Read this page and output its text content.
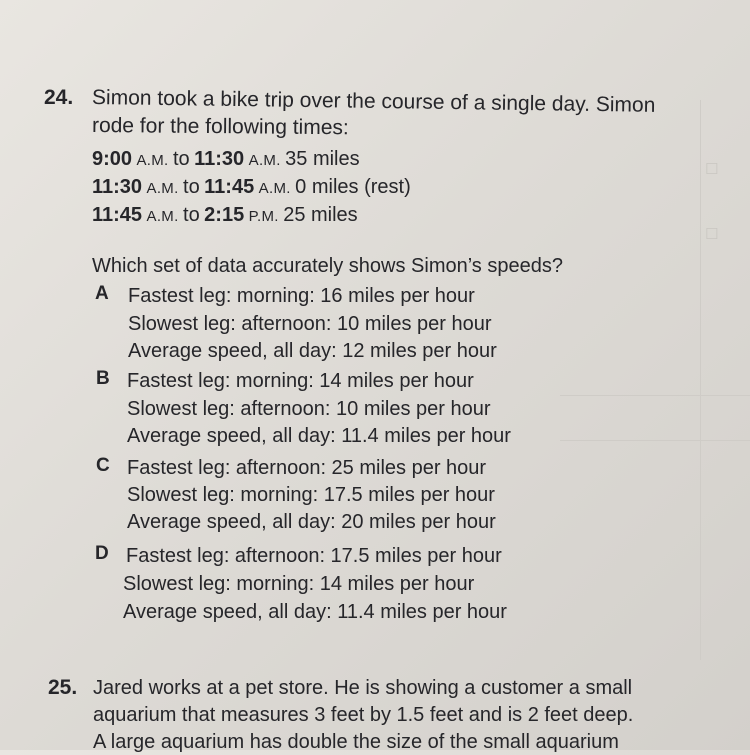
☐
☐
24. Simon took a bike trip over the course of a single day. Simon
rode for the following times:
9:00 A.M. to 11:30 A.M. 35 miles
11:30 A.M. to 11:45 A.M. 0 miles (rest)
11:45 A.M. to 2:15 P.M. 25 miles
Which set of data accurately shows Simon’s speeds?
A Fastest leg: morning: 16 miles per hour
Slowest leg: afternoon: 10 miles per hour
Average speed, all day: 12 miles per hour
B Fastest leg: morning: 14 miles per hour
Slowest leg: afternoon: 10 miles per hour
Average speed, all day: 11.4 miles per hour
C Fastest leg: afternoon: 25 miles per hour
Slowest leg: morning: 17.5 miles per hour
Average speed, all day: 20 miles per hour
D Fastest leg: afternoon: 17.5 miles per hour
Slowest leg: morning: 14 miles per hour
Average speed, all day: 11.4 miles per hour
25. Jared works at a pet store. He is showing a customer a small
aquarium that measures 3 feet by 1.5 feet and is 2 feet deep.
A large aquarium has double the size of the small aquarium
